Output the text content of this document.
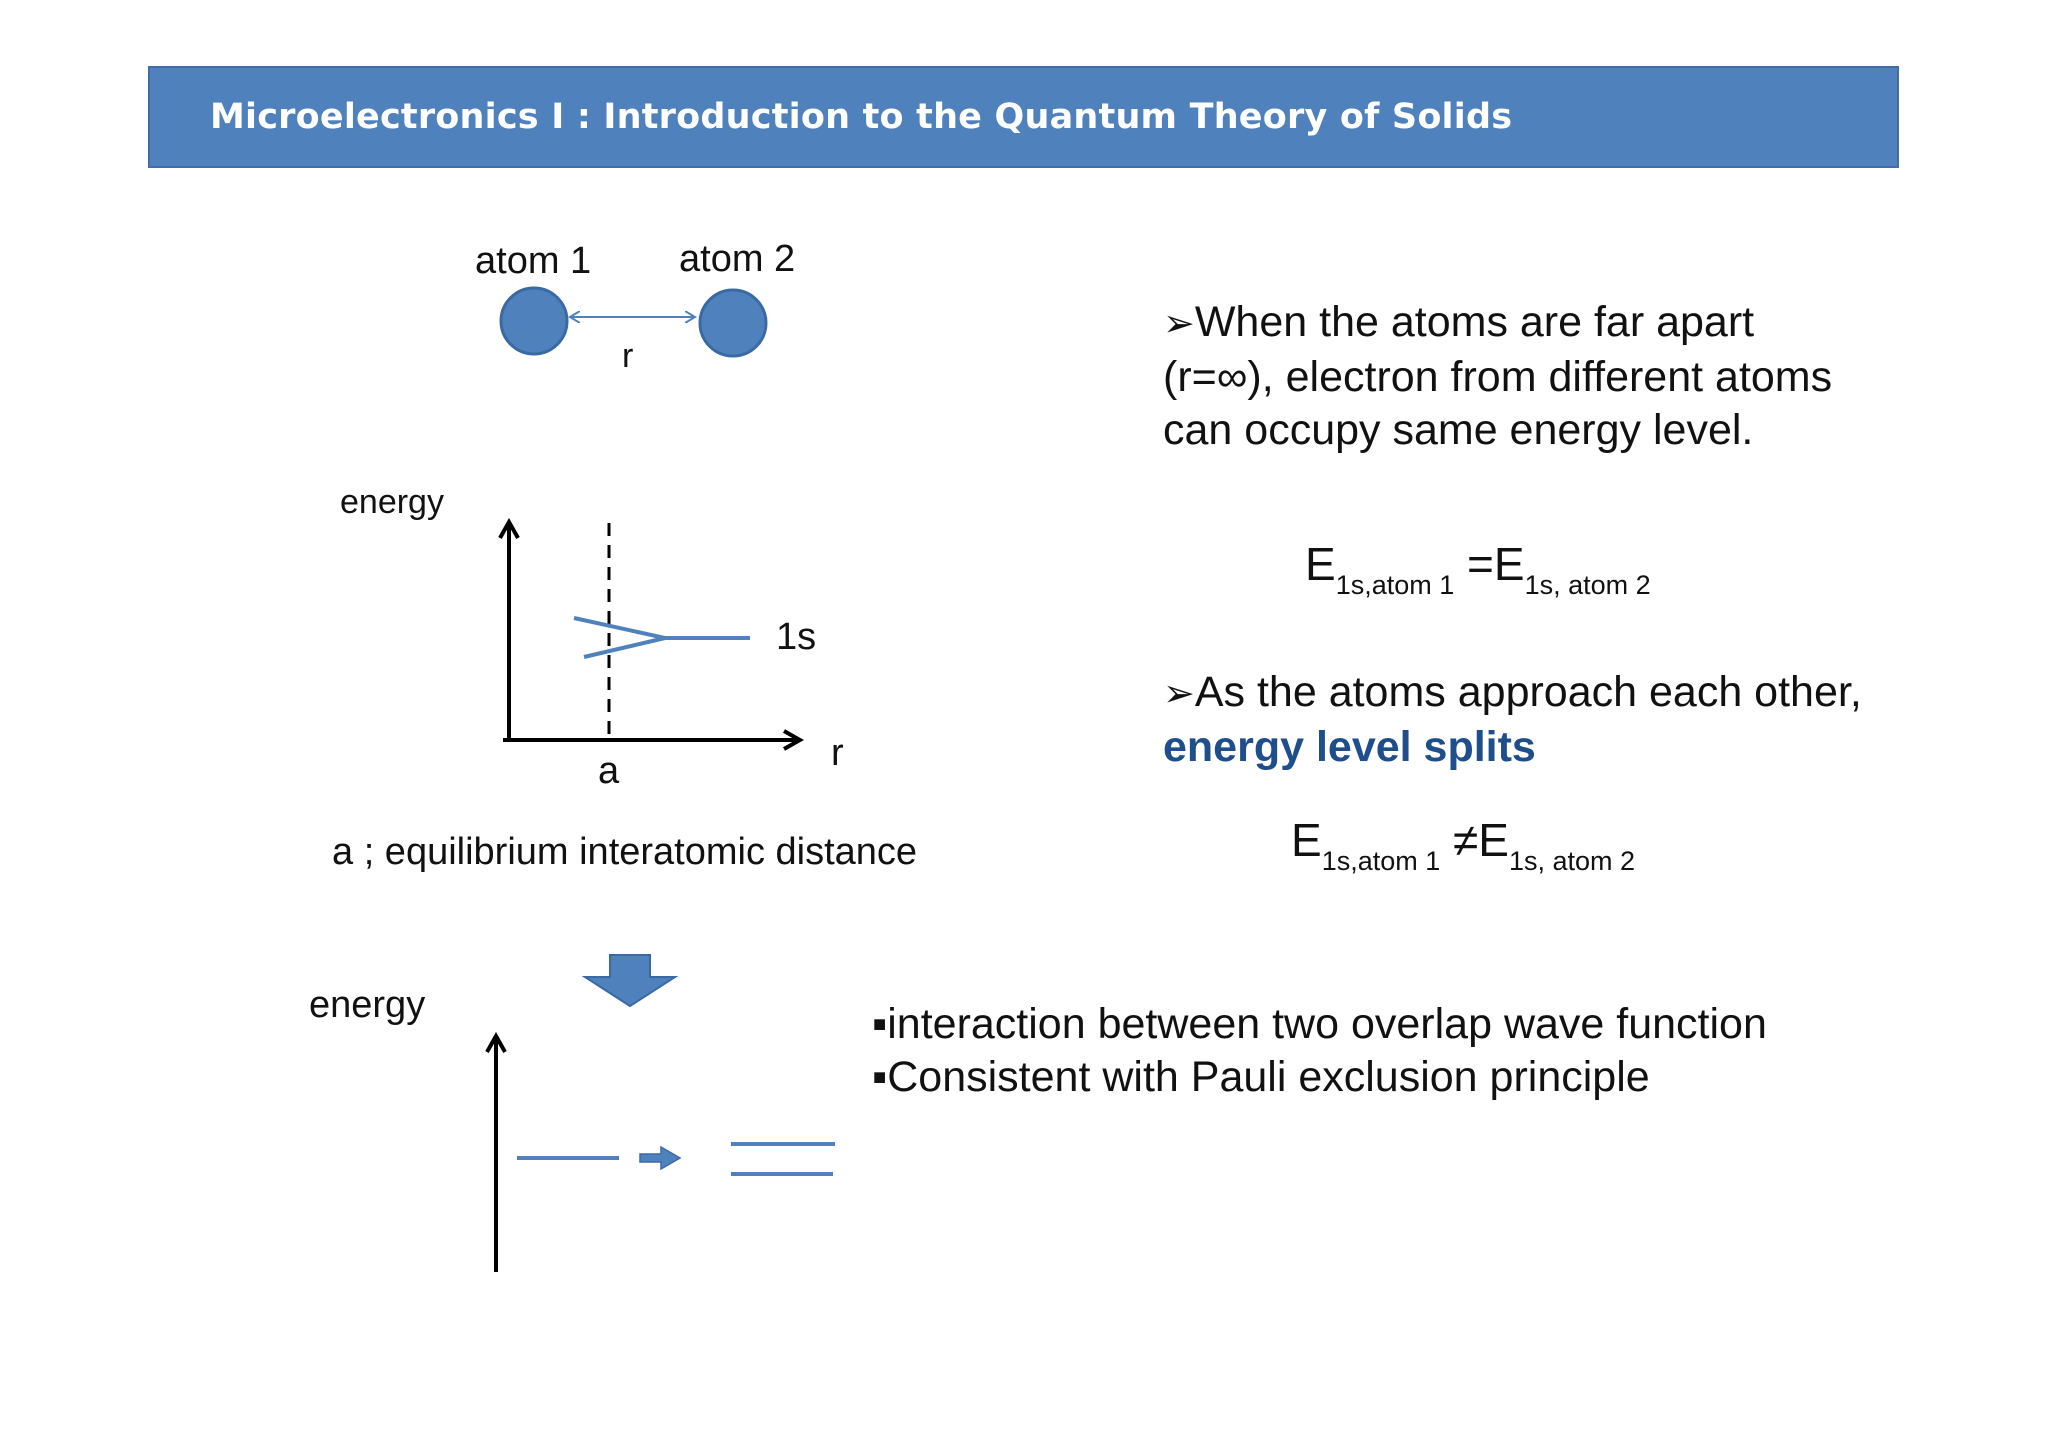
Microelectronics I : Introduction to the Quantum Theory of Solids
atom 1 atom 2
r
energy
1s
r
a
a ; equilibrium interatomic distance
➢When the atoms are far apart (r=∞), electron from different atoms can occupy same energy level.
$E_{1s,atom 1} =E_{1s, atom 2}$
➢As the atoms approach each other, energy level splits
$E_{1s,atom 1} \ne E_{1s, atom 2}$
energy	▪interaction between two overlap wave function
▪Consistent with Pauli exclusion principle
